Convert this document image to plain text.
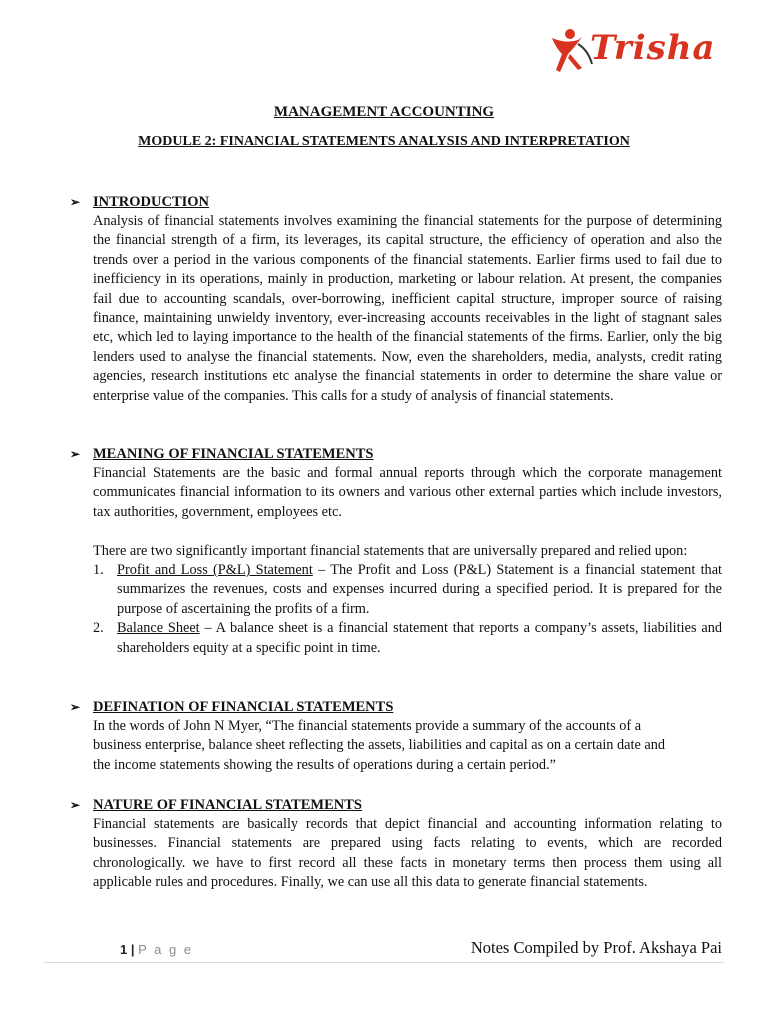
Trisha
MANAGEMENT ACCOUNTING
MODULE 2: FINANCIAL STATEMENTS ANALYSIS AND INTERPRETATION
➢ INTRODUCTION

Analysis of financial statements involves examining the financial statements for the purpose of determining the financial strength of a firm, its leverages, its capital structure, the efficiency of operation and also the trends over a period in the various components of the financial statements. Earlier firms used to fail due to inefficiency in its operations, mainly in production, marketing or labour relation. At present, the companies fail due to accounting scandals, over-borrowing, inefficient capital structure, improper source of raising finance, maintaining unwieldy inventory, ever-increasing accounts receivables in the light of stagnant sales etc, which led to laying importance to the health of the financial statements of the firms. Earlier, only the big lenders used to analyse the financial statements. Now, even the shareholders, media, analysts, credit rating agencies, research institutions etc analyse the financial statements in order to determine the share value or enterprise value of the companies. This calls for a study of analysis of financial statements.

➢ MEANING OF FINANCIAL STATEMENTS

Financial Statements are the basic and formal annual reports through which the corporate management communicates financial information to its owners and various other external parties which include investors, tax authorities, government, employees etc.

There are two significantly important financial statements that are universally prepared and relied upon:

1. Profit and Loss (P&L) Statement – The Profit and Loss (P&L) Statement is a financial statement that summarizes the revenues, costs and expenses incurred during a specified period. It is prepared for the purpose of ascertaining the profits of a firm.
2. Balance Sheet – A balance sheet is a financial statement that reports a company’s assets, liabilities and shareholders equity at a specific point in time.
➢ DEFINATION OF FINANCIAL STATEMENTS
In the words of John N Myer, “The financial statements provide a summary of the accounts of a
business enterprise, balance sheet reflecting the assets, liabilities and capital as on a certain date and
the income statements showing the results of operations during a certain period.”
➢ NATURE OF FINANCIAL STATEMENTS

Financial statements are basically records that depict financial and accounting information relating to businesses. Financial statements are prepared using facts relating to events, which are recorded chronologically. we have to first record all these facts in monetary terms then process them using all applicable rules and procedures. Finally, we can use all this data to generate financial statements.

1 | P a g e	Notes Compiled by Prof. Akshaya Pai
